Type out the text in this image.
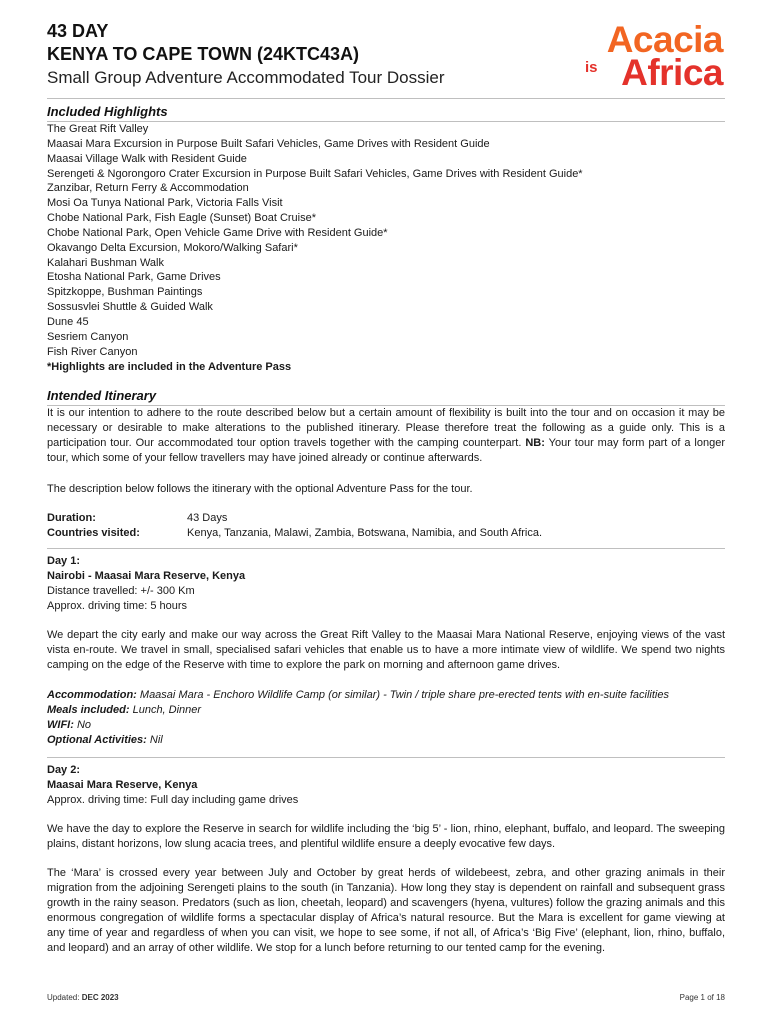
43 DAY
KENYA TO CAPE TOWN (24KTC43A)
Small Group Adventure Accommodated Tour Dossier
Acacia
is Africa
Included Highlights
The Great Rift Valley
Maasai Mara Excursion in Purpose Built Safari Vehicles, Game Drives with Resident Guide
Maasai Village Walk with Resident Guide
Serengeti & Ngorongoro Crater Excursion in Purpose Built Safari Vehicles, Game Drives with Resident Guide*
Zanzibar, Return Ferry & Accommodation
Mosi Oa Tunya National Park, Victoria Falls Visit
Chobe National Park, Fish Eagle (Sunset) Boat Cruise*
Chobe National Park, Open Vehicle Game Drive with Resident Guide*
Okavango Delta Excursion, Mokoro/Walking Safari*
Kalahari Bushman Walk
Etosha National Park, Game Drives
Spitzkoppe, Bushman Paintings
Sossusvlei Shuttle & Guided Walk
Dune 45
Sesriem Canyon
Fish River Canyon
*Highlights are included in the Adventure Pass
Intended Itinerary
It is our intention to adhere to the route described below but a certain amount of flexibility is built into the tour and on occasion it may be necessary or desirable to make alterations to the published itinerary. Please therefore treat the following as a guide only. This is a participation tour. Our accommodated tour option travels together with the camping counterpart. NB: Your tour may form part of a longer tour, which some of your fellow travellers may have joined already or continue afterwards.
The description below follows the itinerary with the optional Adventure Pass for the tour.
Duration:	43 Days
Countries visited:	Kenya, Tanzania, Malawi, Zambia, Botswana, Namibia, and South Africa.
Day 1:
Nairobi - Maasai Mara Reserve, Kenya
Distance travelled: +/- 300 Km
Approx. driving time: 5 hours
We depart the city early and make our way across the Great Rift Valley to the Maasai Mara National Reserve, enjoying views of the vast vista en-route. We travel in small, specialised safari vehicles that enable us to have a more intimate view of wildlife. We spend two nights camping on the edge of the Reserve with time to explore the park on morning and afternoon game drives.
Accommodation: Maasai Mara - Enchoro Wildlife Camp (or similar) - Twin / triple share pre-erected tents with en-suite facilities
Meals included: Lunch, Dinner
WIFI: No
Optional Activities: Nil
Day 2:
Maasai Mara Reserve, Kenya
Approx. driving time: Full day including game drives
We have the day to explore the Reserve in search for wildlife including the ‘big 5’ - lion, rhino, elephant, buffalo, and leopard. The sweeping plains, distant horizons, low slung acacia trees, and plentiful wildlife ensure a deeply evocative few days.
The ‘Mara’ is crossed every year between July and October by great herds of wildebeest, zebra, and other grazing animals in their migration from the adjoining Serengeti plains to the south (in Tanzania). How long they stay is dependent on rainfall and subsequent grass growth in the rainy season. Predators (such as lion, cheetah, leopard) and scavengers (hyena, vultures) follow the grazing animals and this enormous congregation of wildlife forms a spectacular display of Africa’s natural resource. But the Mara is excellent for game viewing at any time of year and regardless of when you can visit, we hope to see some, if not all, of Africa’s ‘Big Five’ (elephant, lion, rhino, buffalo, and leopard) and an array of other wildlife. We stop for a lunch before returning to our tented camp for the evening.
Updated: DEC 2023	Page 1 of 18
